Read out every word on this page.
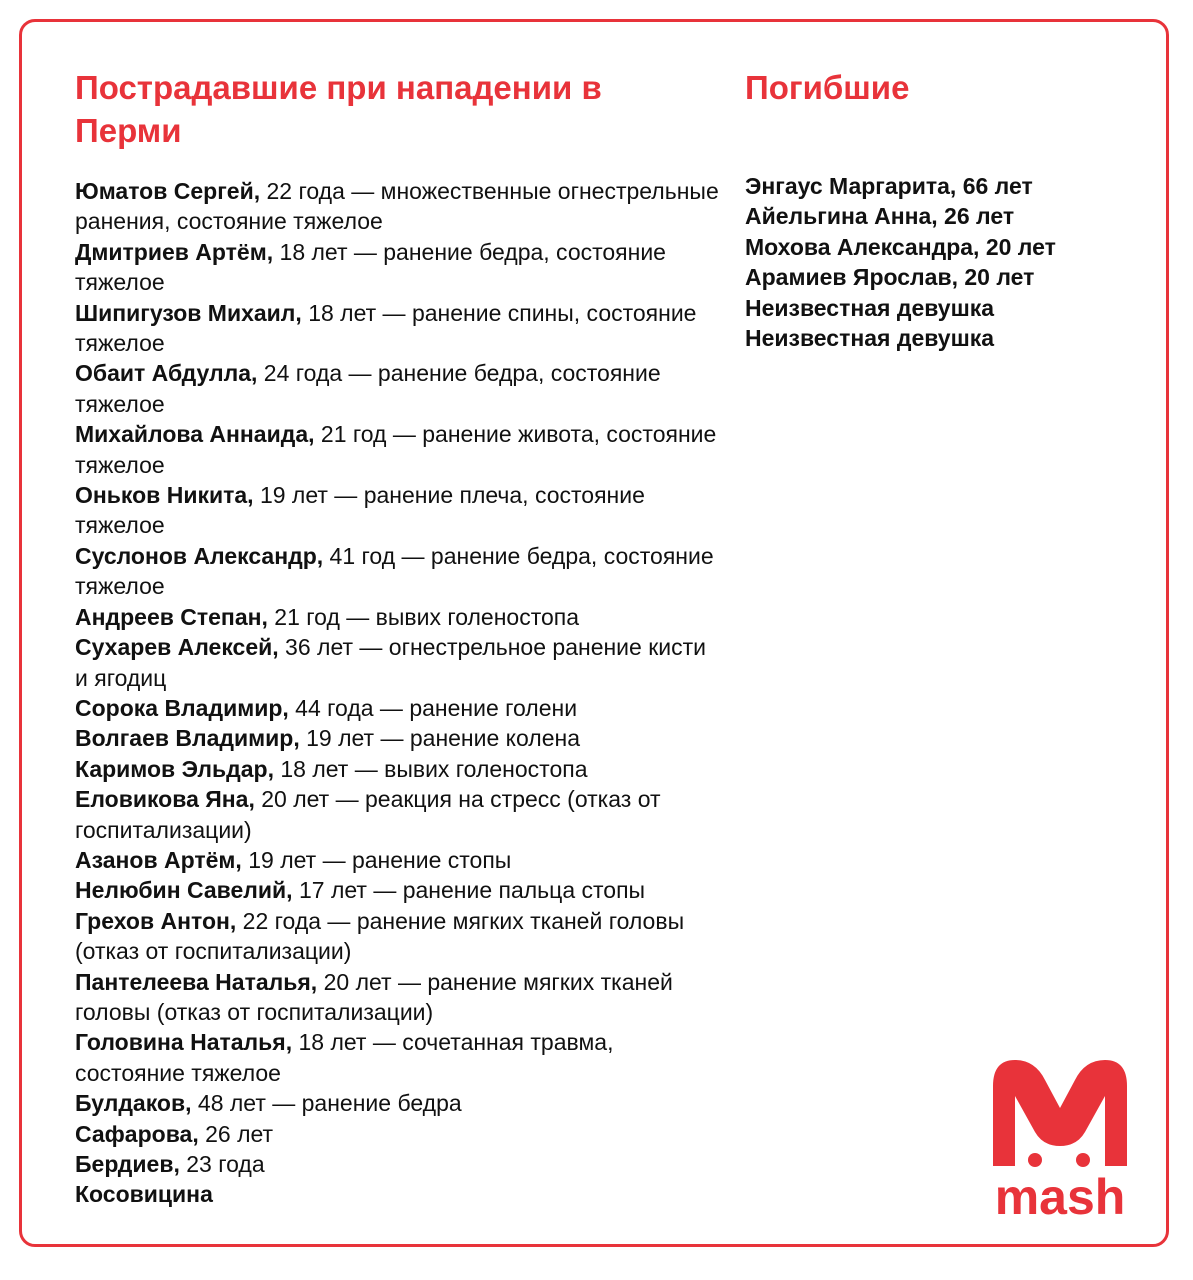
Пострадавшие при нападении в Перми
Погибшие
Юматов Сергей, 22 года — множественные огнестрельные ранения, состояние тяжелое
Дмитриев Артём, 18 лет — ранение бедра, состояние тяжелое
Шипигузов Михаил, 18 лет — ранение спины, состояние тяжелое
Обаит Абдулла, 24 года — ранение бедра, состояние тяжелое
Михайлова Аннаида, 21 год — ранение живота, состояние тяжелое
Оньков Никита, 19 лет — ранение плеча, состояние тяжелое
Суслонов Александр, 41 год — ранение бедра, состояние тяжелое
Андреев Степан, 21 год — вывих голеностопа
Сухарев Алексей, 36 лет — огнестрельное ранение кисти и ягодиц
Сорока Владимир, 44 года — ранение голени
Волгаев Владимир, 19 лет — ранение колена
Каримов Эльдар, 18 лет — вывих голеностопа
Еловикова Яна, 20 лет — реакция на стресс (отказ от госпитализации)
Азанов Артём, 19 лет — ранение стопы
Нелюбин Савелий, 17 лет — ранение пальца стопы
Грехов Антон, 22 года — ранение мягких тканей головы (отказ от госпитализации)
Пантелеева Наталья, 20 лет — ранение мягких тканей головы (отказ от госпитализации)
Головина Наталья, 18 лет — сочетанная травма, состояние тяжелое
Булдаков, 48 лет — ранение бедра
Сафарова, 26 лет
Бердиев, 23 года
Косовицина
Энгаус Маргарита, 66 лет
Айельгина Анна, 26 лет
Мохова Александра, 20 лет
Арамиев Ярослав, 20 лет
Неизвестная девушка
Неизвестная девушка
mash
